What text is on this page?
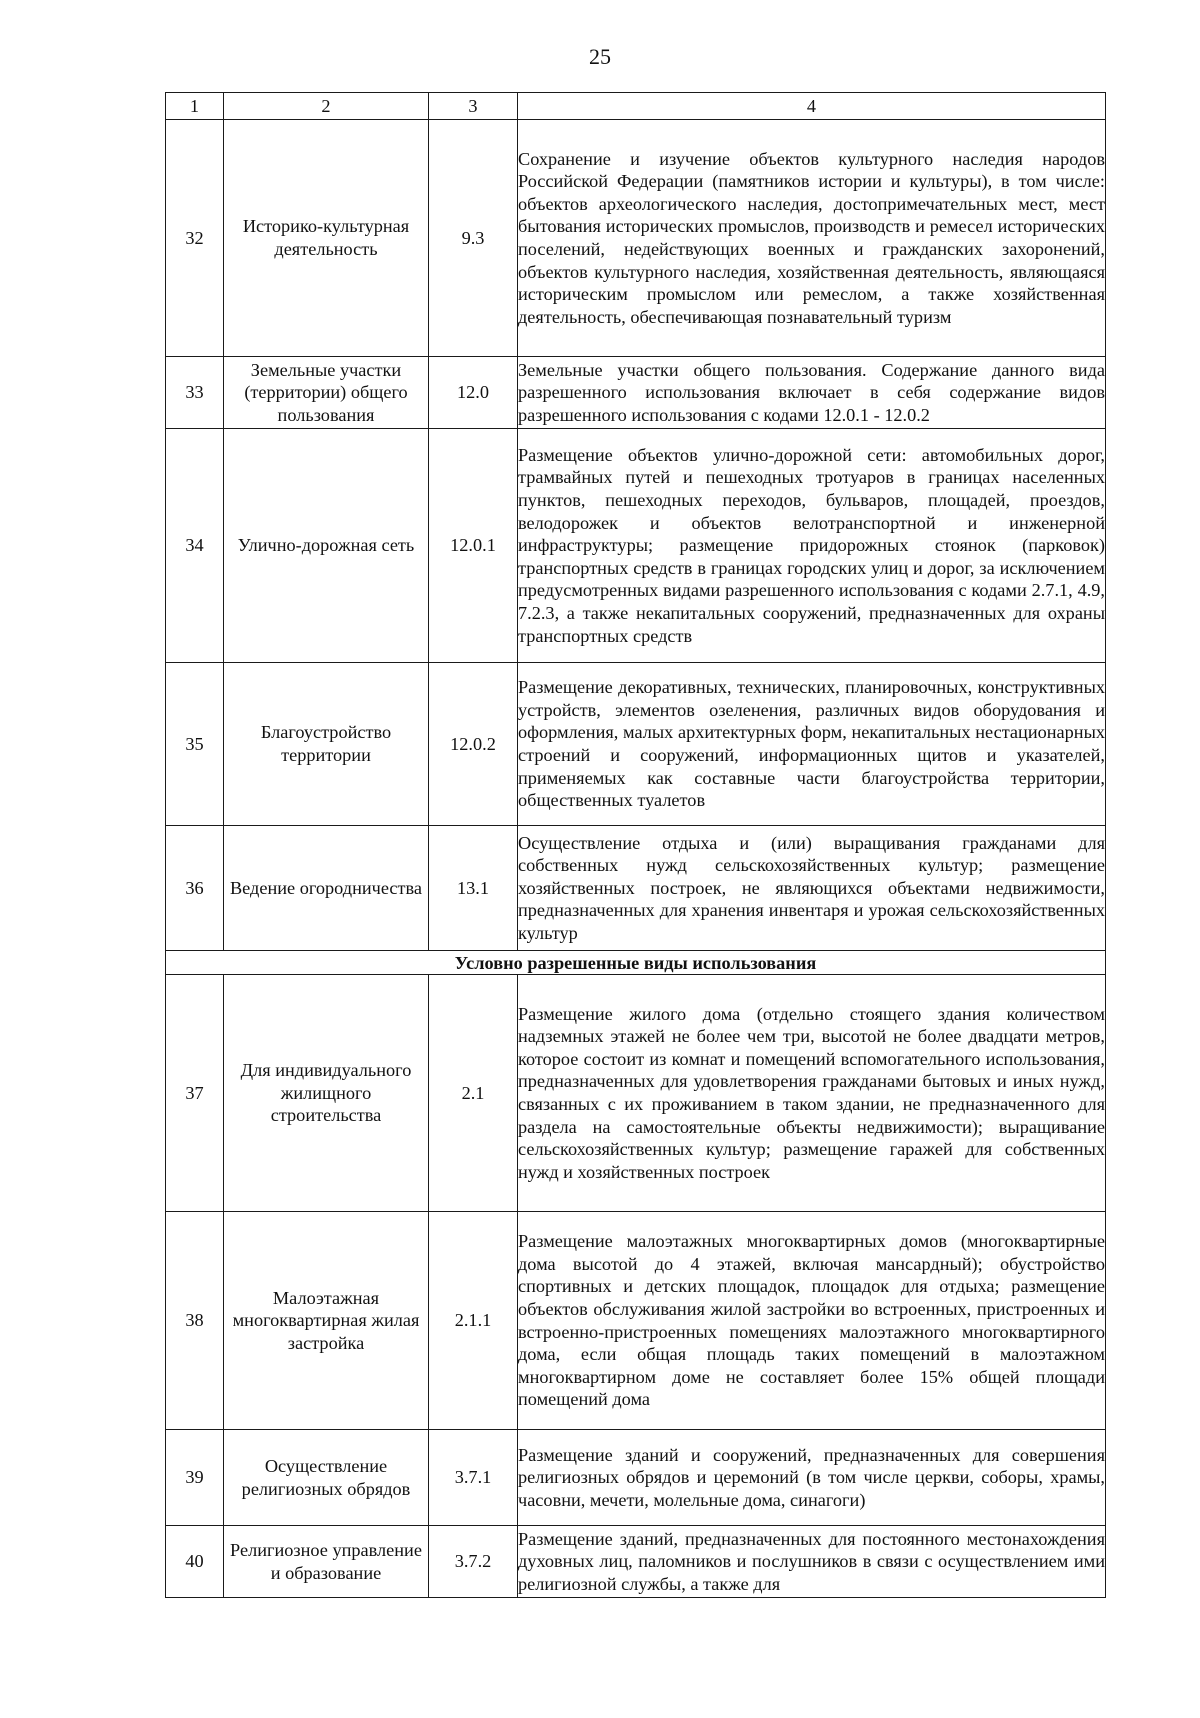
25
1	2	3	4
32	Историко-культурная деятельность	9.3	Сохранение и изучение объектов культурного наследия народов Российской Федерации (памятников истории и культуры), в том числе: объектов археологического наследия, достопримечательных мест, мест бытования исторических промыслов, производств и ремесел исторических поселений, недействующих военных и гражданских захоронений, объектов культурного наследия, хозяйственная деятельность, являющаяся историческим промыслом или ремеслом, а также хозяйственная деятельность, обеспечивающая познавательный туризм
33	Земельные участки (территории) общего пользования	12.0	Земельные участки общего пользования. Содержание данного вида разрешенного использования включает в себя содержание видов разрешенного использования с кодами 12.0.1 - 12.0.2
34	Улично-дорожная сеть	12.0.1	Размещение объектов улично-дорожной сети: автомобильных дорог, трамвайных путей и пешеходных тротуаров в границах населенных пунктов, пешеходных переходов, бульваров, площадей, проездов, велодорожек и объектов велотранспортной и инженерной инфраструктуры; размещение придорожных стоянок (парковок) транспортных средств в границах городских улиц и дорог, за исключением предусмотренных видами разрешенного использования с кодами 2.7.1, 4.9, 7.2.3, а также некапитальных сооружений, предназначенных для охраны транспортных средств
35	Благоустройство территории	12.0.2	Размещение декоративных, технических, планировочных, конструктивных устройств, элементов озеленения, различных видов оборудования и оформления, малых архитектурных форм, некапитальных нестационарных строений и сооружений, информационных щитов и указателей, применяемых как составные части благоустройства территории, общественных туалетов
36	Ведение огородничества	13.1	Осуществление отдыха и (или) выращивания гражданами для собственных нужд сельскохозяйственных культур; размещение хозяйственных построек, не являющихся объектами недвижимости, предназначенных для хранения инвентаря и урожая сельскохозяйственных культур
Условно разрешенные виды использования			
37	Для индивидуального жилищного строительства	2.1	Размещение жилого дома (отдельно стоящего здания количеством надземных этажей не более чем три, высотой не более двадцати метров, которое состоит из комнат и помещений вспомогательного использования, предназначенных для удовлетворения гражданами бытовых и иных нужд, связанных с их проживанием в таком здании, не предназначенного для раздела на самостоятельные объекты недвижимости); выращивание сельскохозяйственных культур; размещение гаражей для собственных нужд и хозяйственных построек
38	Малоэтажная многоквартирная жилая застройка	2.1.1	Размещение малоэтажных многоквартирных домов (многоквартирные дома высотой до 4 этажей, включая мансардный); обустройство спортивных и детских площадок, площадок для отдыха; размещение объектов обслуживания жилой застройки во встроенных, пристроенных и встроенно-пристроенных помещениях малоэтажного многоквартирного дома, если общая площадь таких помещений в малоэтажном многоквартирном доме не составляет более 15% общей площади помещений дома
39	Осуществление религиозных обрядов	3.7.1	Размещение зданий и сооружений, предназначенных для совершения религиозных обрядов и церемоний (в том числе церкви, соборы, храмы, часовни, мечети, молельные дома, синагоги)
40	Религиозное управление и образование	3.7.2	Размещение зданий, предназначенных для постоянного местонахождения духовных лиц, паломников и послушников в связи с осуществлением ими религиозной службы, а также для
